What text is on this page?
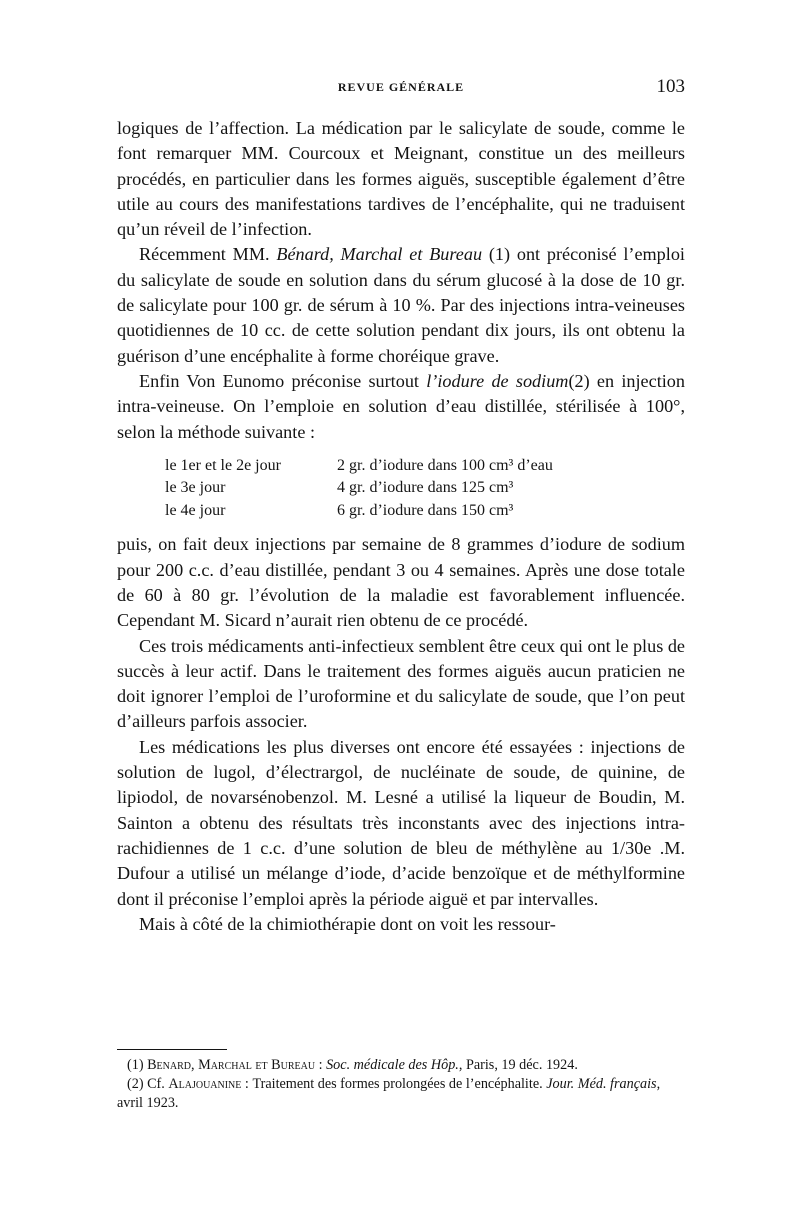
REVUE GÉNÉRALE	103

logiques de l’affection. La médication par le salicylate de soude, comme le font remarquer MM. Courcoux et Meignant, constitue un des meilleurs procédés, en particulier dans les formes aiguës, susceptible également d’être utile au cours des manifestations tardives de l’encéphalite, qui ne traduisent qu’un réveil de l’infection.

Récemment MM. Bénard, Marchal et Bureau (1) ont préconisé l’emploi du salicylate de soude en solution dans du sérum glucosé à la dose de 10 gr. de salicylate pour 100 gr. de sérum à 10 %. Par des injections intra-veineuses quotidiennes de 10 cc. de cette solution pendant dix jours, ils ont obtenu la guérison d’une encéphalite à forme choréique grave.

Enfin Von Eunomo préconise surtout l’iodure de sodium(2) en injection intra-veineuse. On l’emploie en solution d’eau distillée, stérilisée à 100°, selon la méthode suivante :

le 1er et le 2e jour	2 gr. d’iodure dans 100 cm³ d’eau
le 3e jour	4 gr. d’iodure dans 125 cm³
le 4e jour	6 gr. d’iodure dans 150 cm³

puis, on fait deux injections par semaine de 8 grammes d’iodure de sodium pour 200 c.c. d’eau distillée, pendant 3 ou 4 semaines. Après une dose totale de 60 à 80 gr. l’évolution de la maladie est favorablement influencée. Cependant M. Sicard n’aurait rien obtenu de ce procédé.

Ces trois médicaments anti-infectieux semblent être ceux qui ont le plus de succès à leur actif. Dans le traitement des formes aiguës aucun praticien ne doit ignorer l’emploi de l’uroformine et du salicylate de soude, que l’on peut d’ailleurs parfois associer.

Les médications les plus diverses ont encore été essayées : injections de solution de lugol, d’électrargol, de nucléinate de soude, de quinine, de lipiodol, de novarsénobenzol. M. Lesné a utilisé la liqueur de Boudin, M. Sainton a obtenu des résultats très inconstants avec des injections intra-rachidiennes de 1 c.c. d’une solution de bleu de méthylène au 1/30e .M. Dufour a utilisé un mélange d’iode, d’acide benzoïque et de méthylformine dont il préconise l’emploi après la période aiguë et par intervalles.

Mais à côté de la chimiothérapie dont on voit les ressour-

(1) Benard, Marchal et Bureau : Soc. médicale des Hôp., Paris, 19 déc. 1924.

(2) Cf. Alajouanine : Traitement des formes prolongées de l’encéphalite. Jour. Méd. français, avril 1923.
